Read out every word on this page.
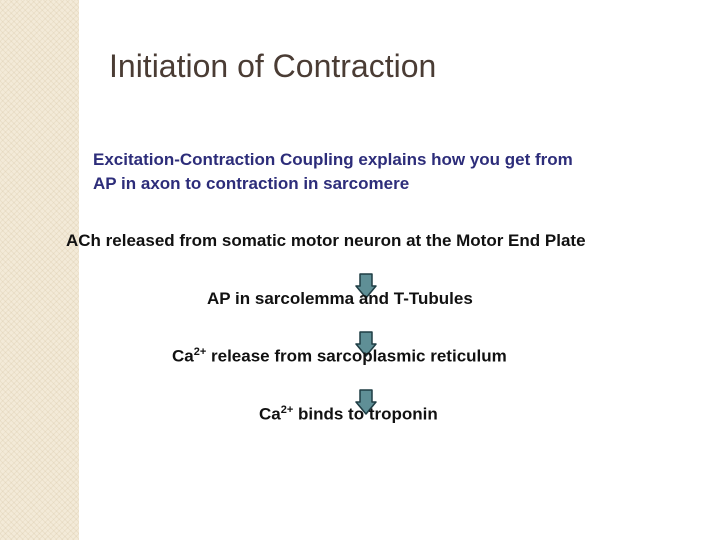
Initiation of Contraction
Excitation-Contraction Coupling explains how you get from
AP in axon to contraction in sarcomere
ACh released from somatic motor neuron at the Motor End Plate
AP in sarcolemma and T-Tubules
$Ca^{2+}$ release from sarcoplasmic reticulum
$Ca^{2+}$ binds to troponin
